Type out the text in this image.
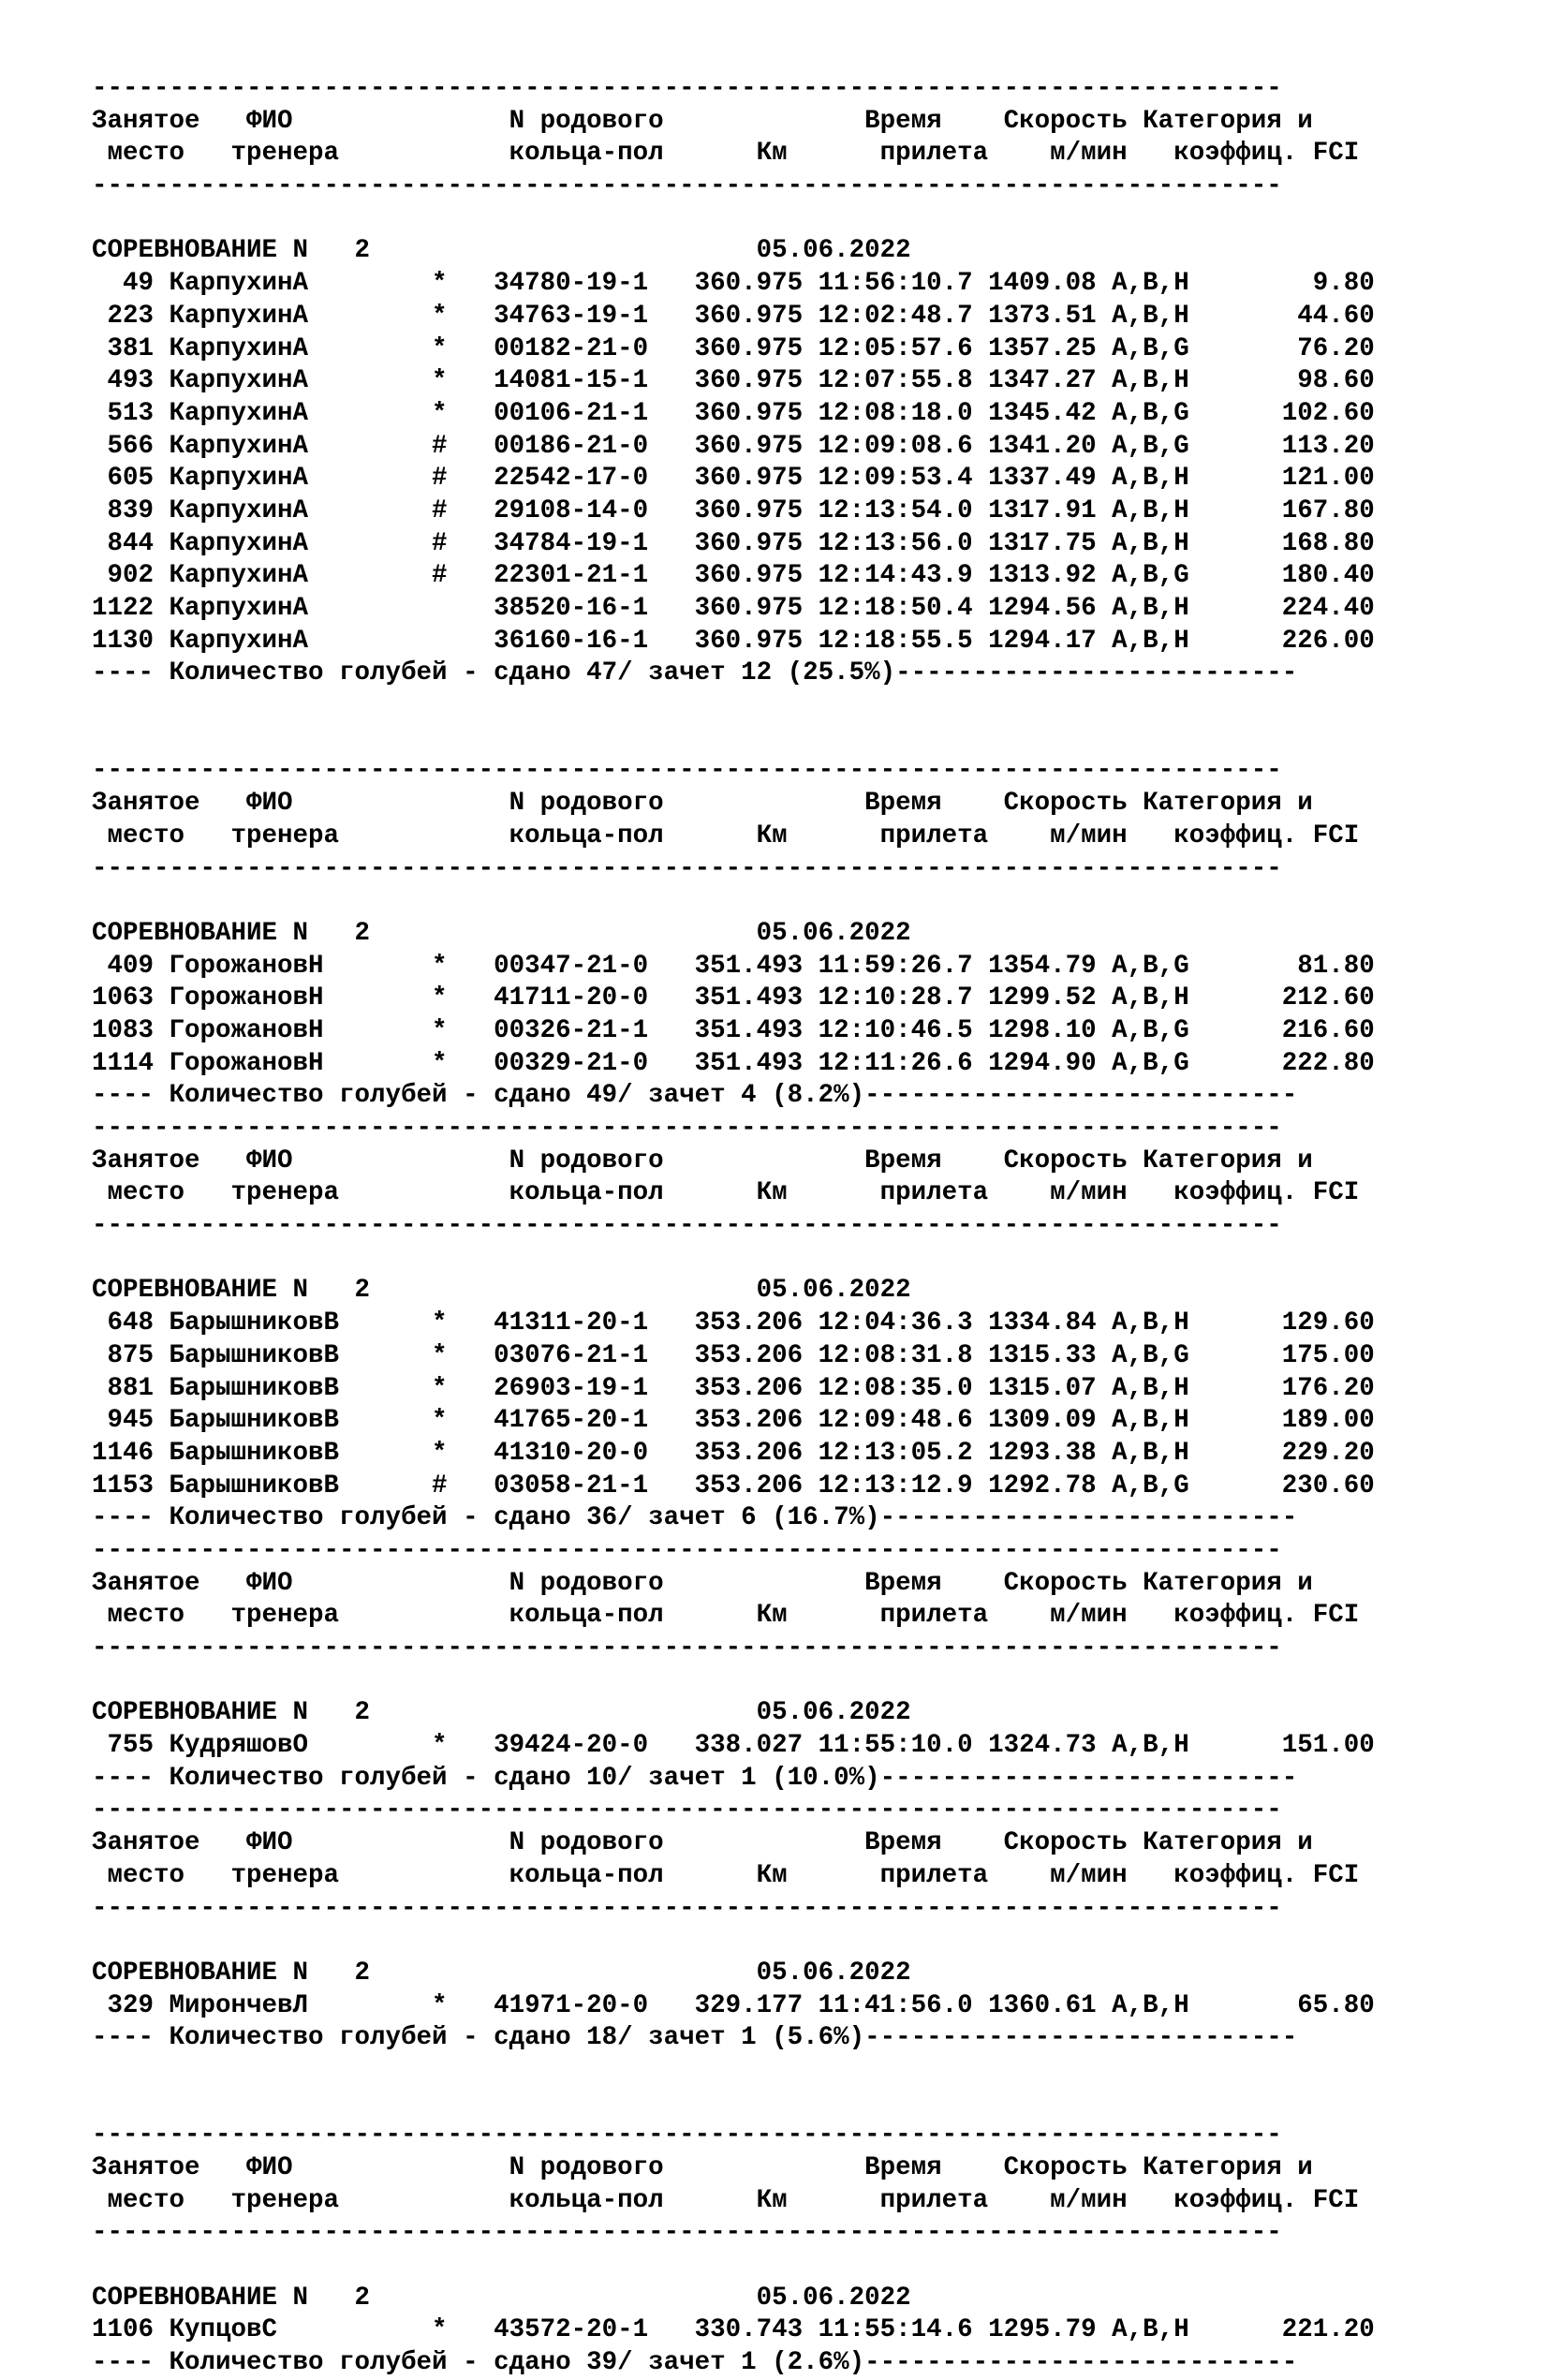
-----------------------------------------------------------------------------
Занятое   ФИО              N родового             Время    Скорость Категория и
место   тренера           кольца-пол      Км      прилета    м/мин   коэффиц. FCI
-----------------------------------------------------------------------------
СОРЕВНОВАНИЕ N   2                         05.06.2022
49 КарпухинА        *   34780-19-1   360.975 11:56:10.7 1409.08 A,B,H        9.80
223 КарпухинА        *   34763-19-1   360.975 12:02:48.7 1373.51 A,B,H       44.60
381 КарпухинА        *   00182-21-0   360.975 12:05:57.6 1357.25 A,B,G       76.20
493 КарпухинА        *   14081-15-1   360.975 12:07:55.8 1347.27 A,B,H       98.60
513 КарпухинА        *   00106-21-1   360.975 12:08:18.0 1345.42 A,B,G      102.60
566 КарпухинА        #   00186-21-0   360.975 12:09:08.6 1341.20 A,B,G      113.20
605 КарпухинА        #   22542-17-0   360.975 12:09:53.4 1337.49 A,B,H      121.00
839 КарпухинА        #   29108-14-0   360.975 12:13:54.0 1317.91 A,B,H      167.80
844 КарпухинА        #   34784-19-1   360.975 12:13:56.0 1317.75 A,B,H      168.80
902 КарпухинА        #   22301-21-1   360.975 12:14:43.9 1313.92 A,B,G      180.40
1122 КарпухинА            38520-16-1   360.975 12:18:50.4 1294.56 A,B,H      224.40
1130 КарпухинА            36160-16-1   360.975 12:18:55.5 1294.17 A,B,H      226.00
---- Количество голубей - сдано 47/ зачет 12 (25.5%)--------------------------
-----------------------------------------------------------------------------
Занятое   ФИО              N родового             Время    Скорость Категория и
место   тренера           кольца-пол      Км      прилета    м/мин   коэффиц. FCI
-----------------------------------------------------------------------------
СОРЕВНОВАНИЕ N   2                         05.06.2022
409 ГорожановН       *   00347-21-0   351.493 11:59:26.7 1354.79 A,B,G       81.80
1063 ГорожановН       *   41711-20-0   351.493 12:10:28.7 1299.52 A,B,H      212.60
1083 ГорожановН       *   00326-21-1   351.493 12:10:46.5 1298.10 A,B,G      216.60
1114 ГорожановН       *   00329-21-0   351.493 12:11:26.6 1294.90 A,B,G      222.80
---- Количество голубей - сдано 49/ зачет 4 (8.2%)----------------------------
-----------------------------------------------------------------------------
Занятое   ФИО              N родового             Время    Скорость Категория и
место   тренера           кольца-пол      Км      прилета    м/мин   коэффиц. FCI
-----------------------------------------------------------------------------
СОРЕВНОВАНИЕ N   2                         05.06.2022
648 БарышниковВ      *   41311-20-1   353.206 12:04:36.3 1334.84 A,B,H      129.60
875 БарышниковВ      *   03076-21-1   353.206 12:08:31.8 1315.33 A,B,G      175.00
881 БарышниковВ      *   26903-19-1   353.206 12:08:35.0 1315.07 A,B,H      176.20
945 БарышниковВ      *   41765-20-1   353.206 12:09:48.6 1309.09 A,B,H      189.00
1146 БарышниковВ      *   41310-20-0   353.206 12:13:05.2 1293.38 A,B,H      229.20
1153 БарышниковВ      #   03058-21-1   353.206 12:13:12.9 1292.78 A,B,G      230.60
---- Количество голубей - сдано 36/ зачет 6 (16.7%)---------------------------
-----------------------------------------------------------------------------
Занятое   ФИО              N родового             Время    Скорость Категория и
место   тренера           кольца-пол      Км      прилета    м/мин   коэффиц. FCI
-----------------------------------------------------------------------------
СОРЕВНОВАНИЕ N   2                         05.06.2022
755 КудряшовО        *   39424-20-0   338.027 11:55:10.0 1324.73 A,B,H      151.00
---- Количество голубей - сдано 10/ зачет 1 (10.0%)---------------------------
-----------------------------------------------------------------------------
Занятое   ФИО              N родового             Время    Скорость Категория и
место   тренера           кольца-пол      Км      прилета    м/мин   коэффиц. FCI
-----------------------------------------------------------------------------
СОРЕВНОВАНИЕ N   2                         05.06.2022
329 МирончевЛ        *   41971-20-0   329.177 11:41:56.0 1360.61 A,B,H       65.80
---- Количество голубей - сдано 18/ зачет 1 (5.6%)----------------------------
-----------------------------------------------------------------------------
Занятое   ФИО              N родового             Время    Скорость Категория и
место   тренера           кольца-пол      Км      прилета    м/мин   коэффиц. FCI
-----------------------------------------------------------------------------
СОРЕВНОВАНИЕ N   2                         05.06.2022
1106 КупцовС          *   43572-20-1   330.743 11:55:14.6 1295.79 A,B,H      221.20
---- Количество голубей - сдано 39/ зачет 1 (2.6%)----------------------------
